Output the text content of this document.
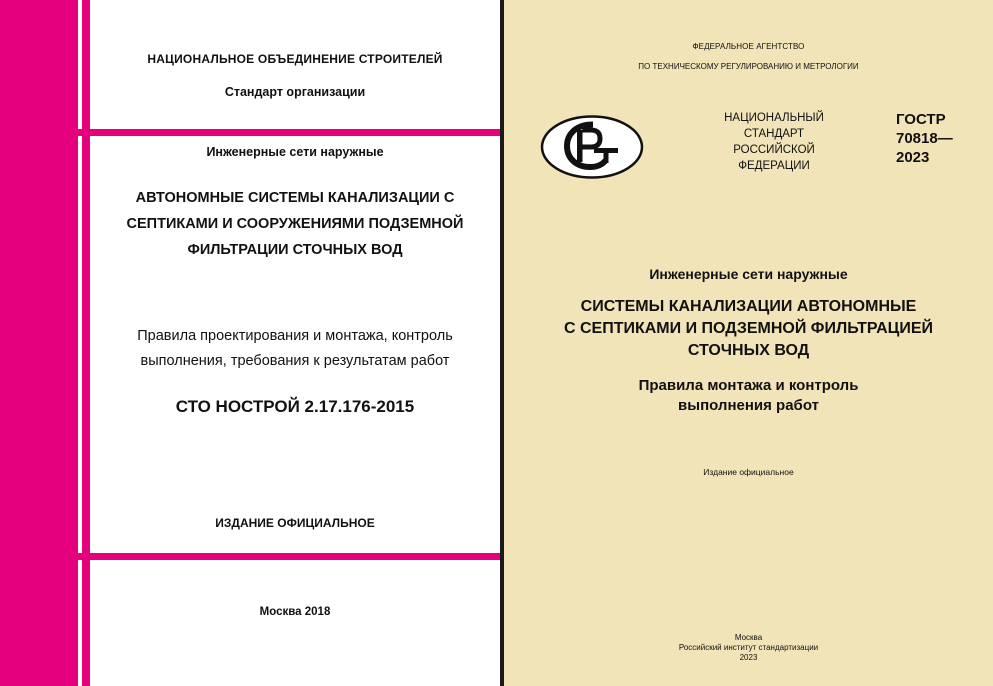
НАЦИОНАЛЬНОЕ ОБЪЕДИНЕНИЕ СТРОИТЕЛЕЙ
Стандарт организации
Инженерные сети наружные
АВТОНОМНЫЕ СИСТЕМЫ КАНАЛИЗАЦИИ С
СЕПТИКАМИ И СООРУЖЕНИЯМИ ПОДЗЕМНОЙ
ФИЛЬТРАЦИИ СТОЧНЫХ ВОД
Правила проектирования и монтажа, контроль
выполнения, требования к результатам работ
СТО НОСТРОЙ 2.17.176-2015
ИЗДАНИЕ ОФИЦИАЛЬНОЕ
Москва 2018
ФЕДЕРАЛЬНОЕ АГЕНТСТВО
ПО ТЕХНИЧЕСКОМУ РЕГУЛИРОВАНИЮ И МЕТРОЛОГИИ
НАЦИОНАЛЬНЫЙ
СТАНДАРТ
РОССИЙСКОЙ
ФЕДЕРАЦИИ
ГОСТР
70818—
2023
Инженерные сети наружные
СИСТЕМЫ КАНАЛИЗАЦИИ АВТОНОМНЫЕ
С СЕПТИКАМИ И ПОДЗЕМНОЙ ФИЛЬТРАЦИЕЙ
СТОЧНЫХ ВОД
Правила монтажа и контроль
выполнения работ
Издание официальное
Москва
Российский институт стандартизации
2023
